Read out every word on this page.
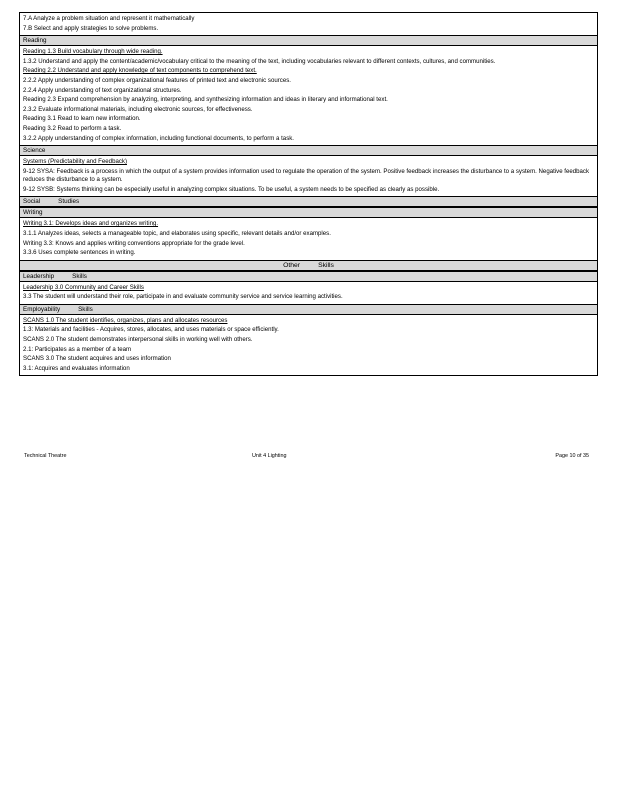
7.A Analyze a problem situation and represent it mathematically
7.B Select and apply strategies to solve problems.
Reading
Reading 1.3 Build vocabulary through wide reading.
1.3.2 Understand and apply the content/academic/vocabulary critical to the meaning of the text, including vocabularies relevant to different contexts, cultures, and communities.
Reading 2.2 Understand and apply knowledge of text components to comprehend text.
2.2.2 Apply understanding of complex organizational features of printed text and electronic sources.
2.2.4 Apply understanding of text organizational structures.
Reading 2.3 Expand comprehension by analyzing, interpreting, and synthesizing information and ideas in literary and informational text.
2.3.2 Evaluate informational materials, including electronic sources, for effectiveness.
Reading 3.1 Read to learn new information.
Reading 3.2 Read to perform a task.
3.2.2 Apply understanding of complex information, including functional documents, to perform a task.
Science
Systems (Predictability and Feedback)
9-12 SYSA: Feedback is a process in which the output of a system provides information used to regulate the operation of the system. Positive feedback increases the disturbance to a system. Negative feedback reduces the disturbance to a system.
9-12 SYSB: Systems thinking can be especially useful in analyzing complex situations. To be useful, a system needs to be specified as clearly as possible.
Social	Studies
Writing
Writing 3.1: Develops ideas and organizes writing.
3.1.1 Analyzes ideas, selects a manageable topic, and elaborates using specific, relevant details and/or examples.
Writing 3.3: Knows and applies writing conventions appropriate for the grade level.
3.3.6 Uses complete sentences in writing.
Other	Skills
Leadership	Skills
Leadership 3.0 Community and Career Skills
3.3 The student will understand their role, participate in and evaluate community service and service learning activities.
Employability	Skills
SCANS 1.0 The student identifies, organizes, plans and allocates resources
1.3: Materials and facilities - Acquires, stores, allocates, and uses materials or space efficiently.
SCANS 2.0 The student demonstrates interpersonal skills in working well with others.
2.1: Participates as a member of a team
SCANS 3.0 The student acquires and uses information
3.1: Acquires and evaluates information
Technical Theatre	Unit 4 Lighting	Page 10 of 35
